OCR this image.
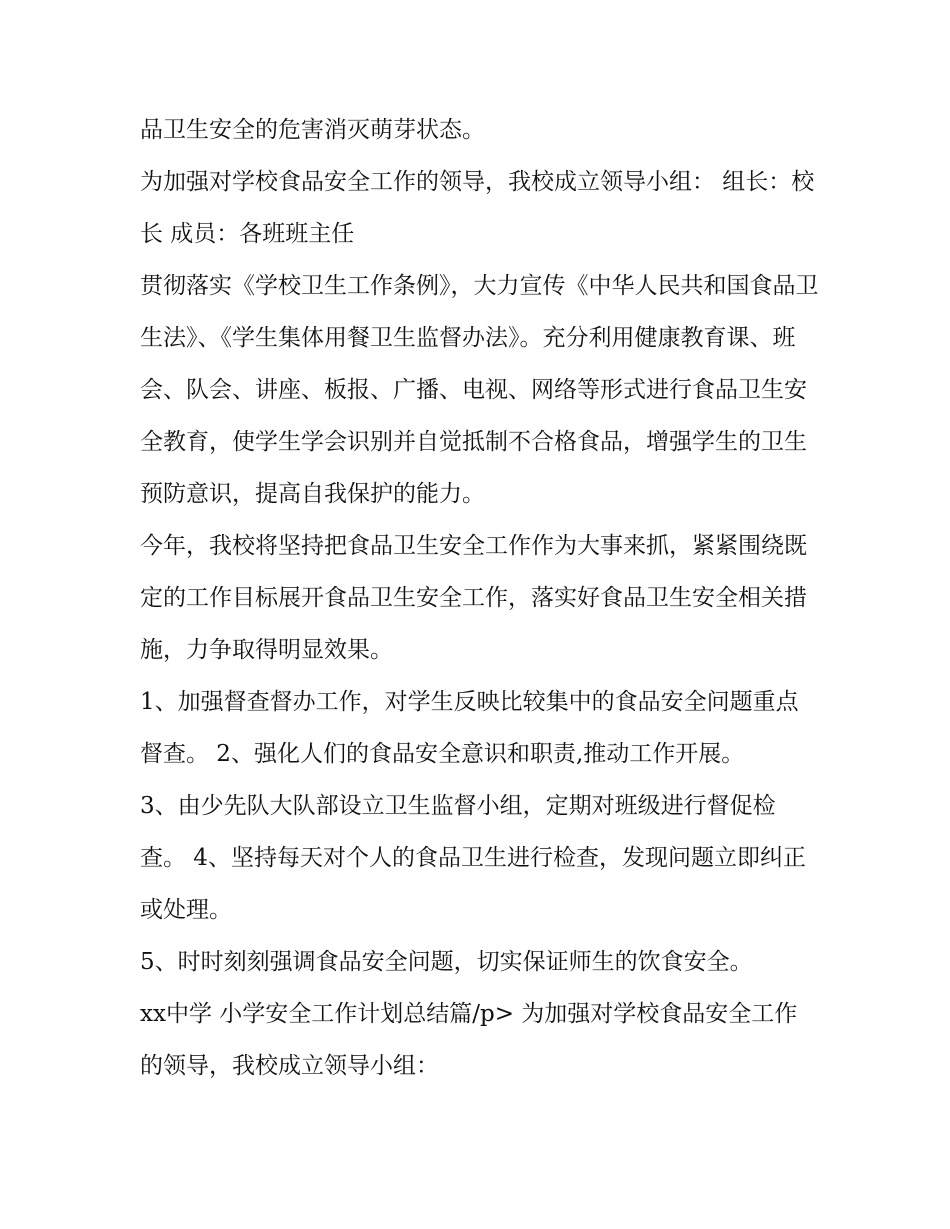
品卫生安全的危害消灭萌芽状态。

为加强对学校食品安全工作的领导，我校成立领导小组： 组长：校长 成员：各班班主任

贯彻落实《学校卫生工作条例》，大力宣传《中华人民共和国食品卫生法》、《学生集体用餐卫生监督办法》。充分利用健康教育课、班会、队会、讲座、板报、广播、电视、网络等形式进行食品卫生安全教育，使学生学会识别并自觉抵制不合格食品，增强学生的卫生预防意识，提高自我保护的能力。

今年，我校将坚持把食品卫生安全工作作为大事来抓，紧紧围绕既定的工作目标展开食品卫生安全工作，落实好食品卫生安全相关措施，力争取得明显效果。

1、加强督查督办工作，对学生反映比较集中的食品安全问题重点督查。 2、强化人们的食品安全意识和职责,推动工作开展。

3、由少先队大队部设立卫生监督小组，定期对班级进行督促检查。 4、坚持每天对个人的食品卫生进行检查，发现问题立即纠正或处理。

5、时时刻刻强调食品安全问题，切实保证师生的饮食安全。

xx中学 小学安全工作计划总结篇/p> 为加强对学校食品安全工作的领导，我校成立领导小组：
